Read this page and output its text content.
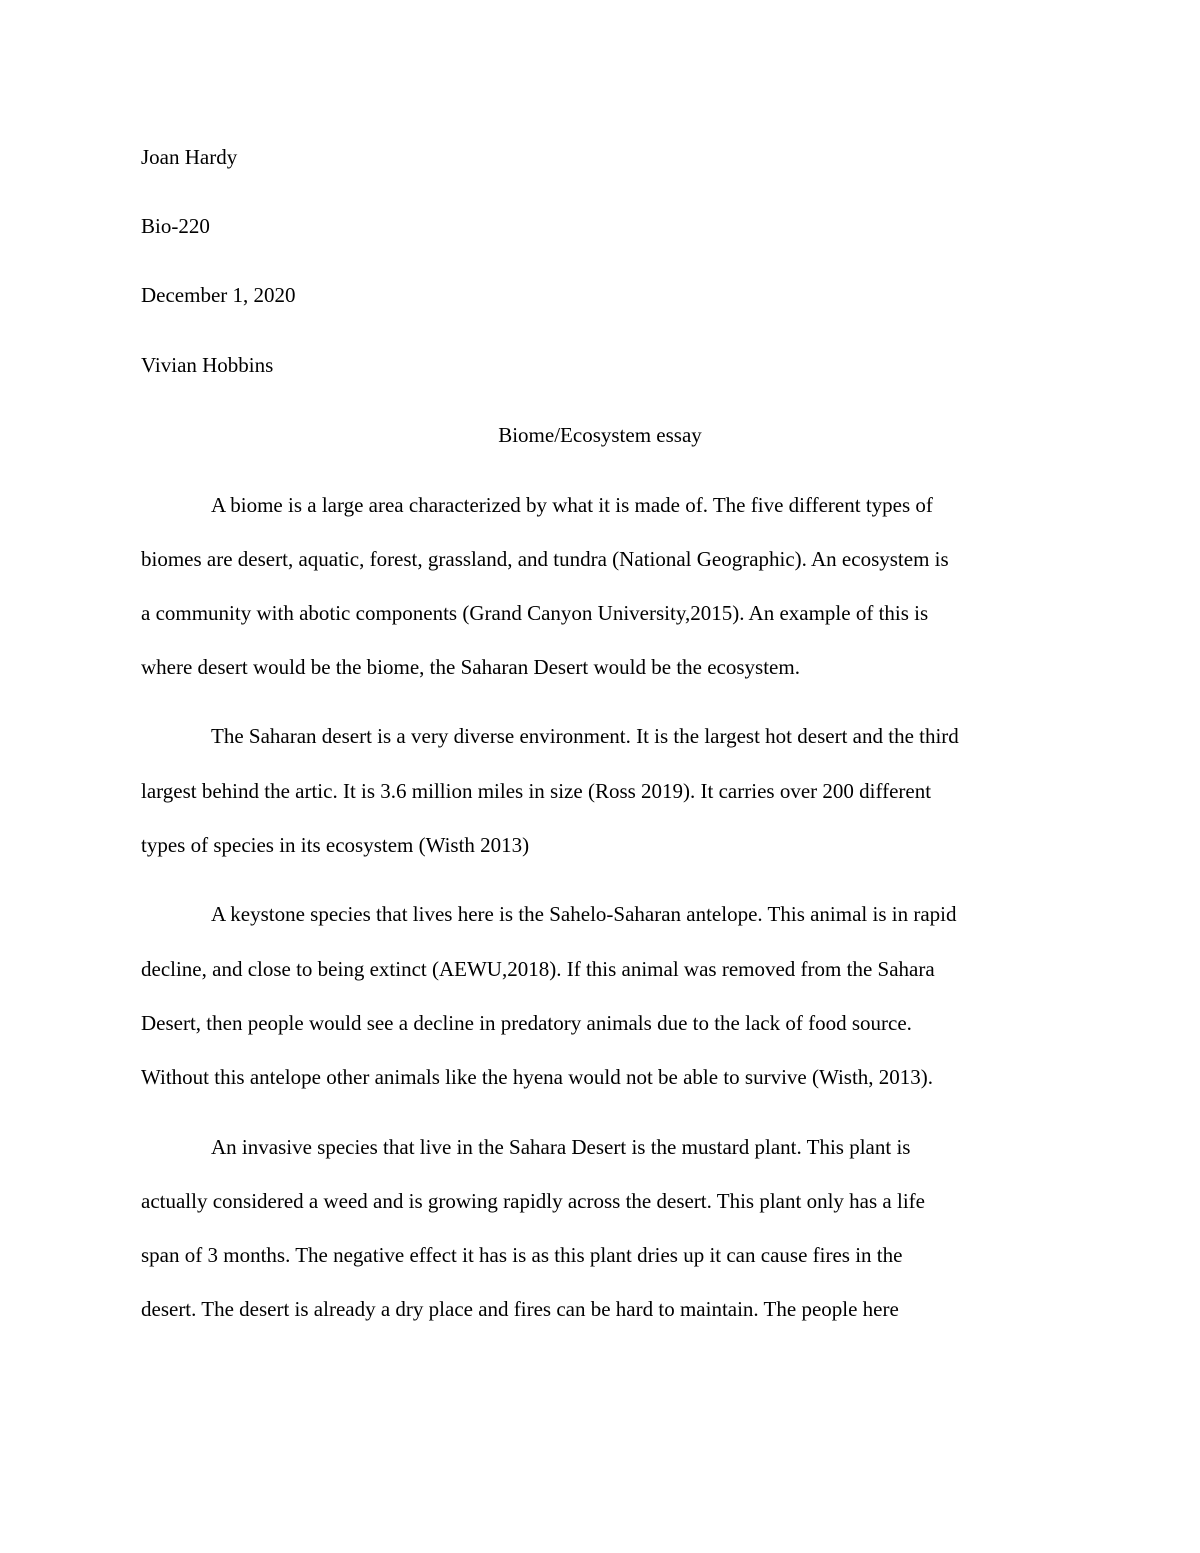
Joan Hardy

Bio-220

December 1, 2020

Vivian Hobbins

Biome/Ecosystem essay

A biome is a large area characterized by what it is made of. The five different types of

biomes are desert, aquatic, forest, grassland, and tundra (National Geographic). An ecosystem is

a community with abotic components (Grand Canyon University,2015). An example of this is

where desert would be the biome, the Saharan Desert would be the ecosystem.

The Saharan desert is a very diverse environment. It is the largest hot desert and the third

largest behind the artic. It is 3.6 million miles in size (Ross 2019). It carries over 200 different

types of species in its ecosystem (Wisth 2013)

A keystone species that lives here is the Sahelo-Saharan antelope. This animal is in rapid

decline, and close to being extinct (AEWU,2018). If this animal was removed from the Sahara

Desert, then people would see a decline in predatory animals due to the lack of food source.

Without this antelope other animals like the hyena would not be able to survive (Wisth, 2013).

An invasive species that live in the Sahara Desert is the mustard plant. This plant is

actually considered a weed and is growing rapidly across the desert. This plant only has a life

span of 3 months. The negative effect it has is as this plant dries up it can cause fires in the

desert. The desert is already a dry place and fires can be hard to maintain. The people here
